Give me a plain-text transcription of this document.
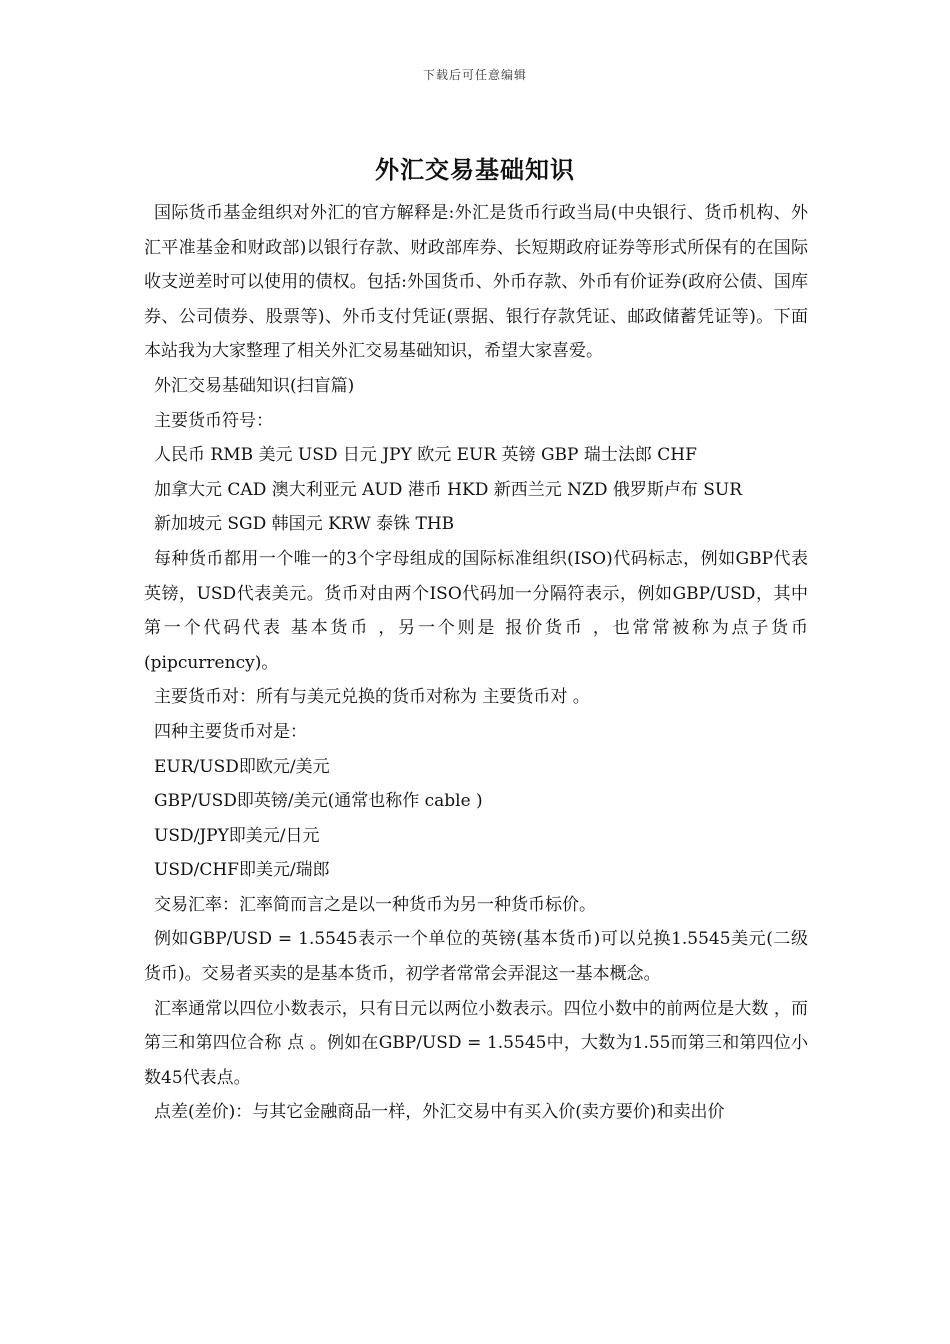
下载后可任意编辑
外汇交易基础知识

国际货币基金组织对外汇的官方解释是:外汇是货币行政当局(中央银行、货币机构、外汇平准基金和财政部)以银行存款、财政部库券、长短期政府证券等形式所保有的在国际收支逆差时可以使用的债权。包括:外国货币、外币存款、外币有价证券(政府公债、国库券、公司债券、股票等)、外币支付凭证(票据、银行存款凭证、邮政储蓄凭证等)。下面本站我为大家整理了相关外汇交易基础知识，希望大家喜爱。

外汇交易基础知识(扫盲篇)

主要货币符号：

人民币 RMB 美元 USD 日元 JPY 欧元 EUR 英镑 GBP 瑞士法郎 CHF

加拿大元 CAD 澳大利亚元 AUD 港币 HKD 新西兰元 NZD 俄罗斯卢布 SUR

新加坡元 SGD 韩国元 KRW 泰铢 THB

每种货币都用一个唯一的3个字母组成的国际标准组织(ISO)代码标志，例如GBP代表英镑，USD代表美元。货币对由两个ISO代码加一分隔符表示，例如GBP/USD，其中第一个代码代表 基本货币 ，另一个则是 报价货币 ，也常常被称为点子货币(pipcurrency)。

主要货币对：所有与美元兑换的货币对称为 主要货币对 。

四种主要货币对是：

EUR/USD即欧元/美元

GBP/USD即英镑/美元(通常也称作 cable )

USD/JPY即美元/日元

USD/CHF即美元/瑞郎

交易汇率：汇率简而言之是以一种货币为另一种货币标价。

例如GBP/USD = 1.5545表示一个单位的英镑(基本货币)可以兑换1.5545美元(二级货币)。交易者买卖的是基本货币，初学者常常会弄混这一基本概念。

汇率通常以四位小数表示，只有日元以两位小数表示。四位小数中的前两位是大数 ，而第三和第四位合称 点 。例如在GBP/USD = 1.5545中，大数为1.55而第三和第四位小数45代表点。

点差(差价)：与其它金融商品一样，外汇交易中有买入价(卖方要价)和卖出价
